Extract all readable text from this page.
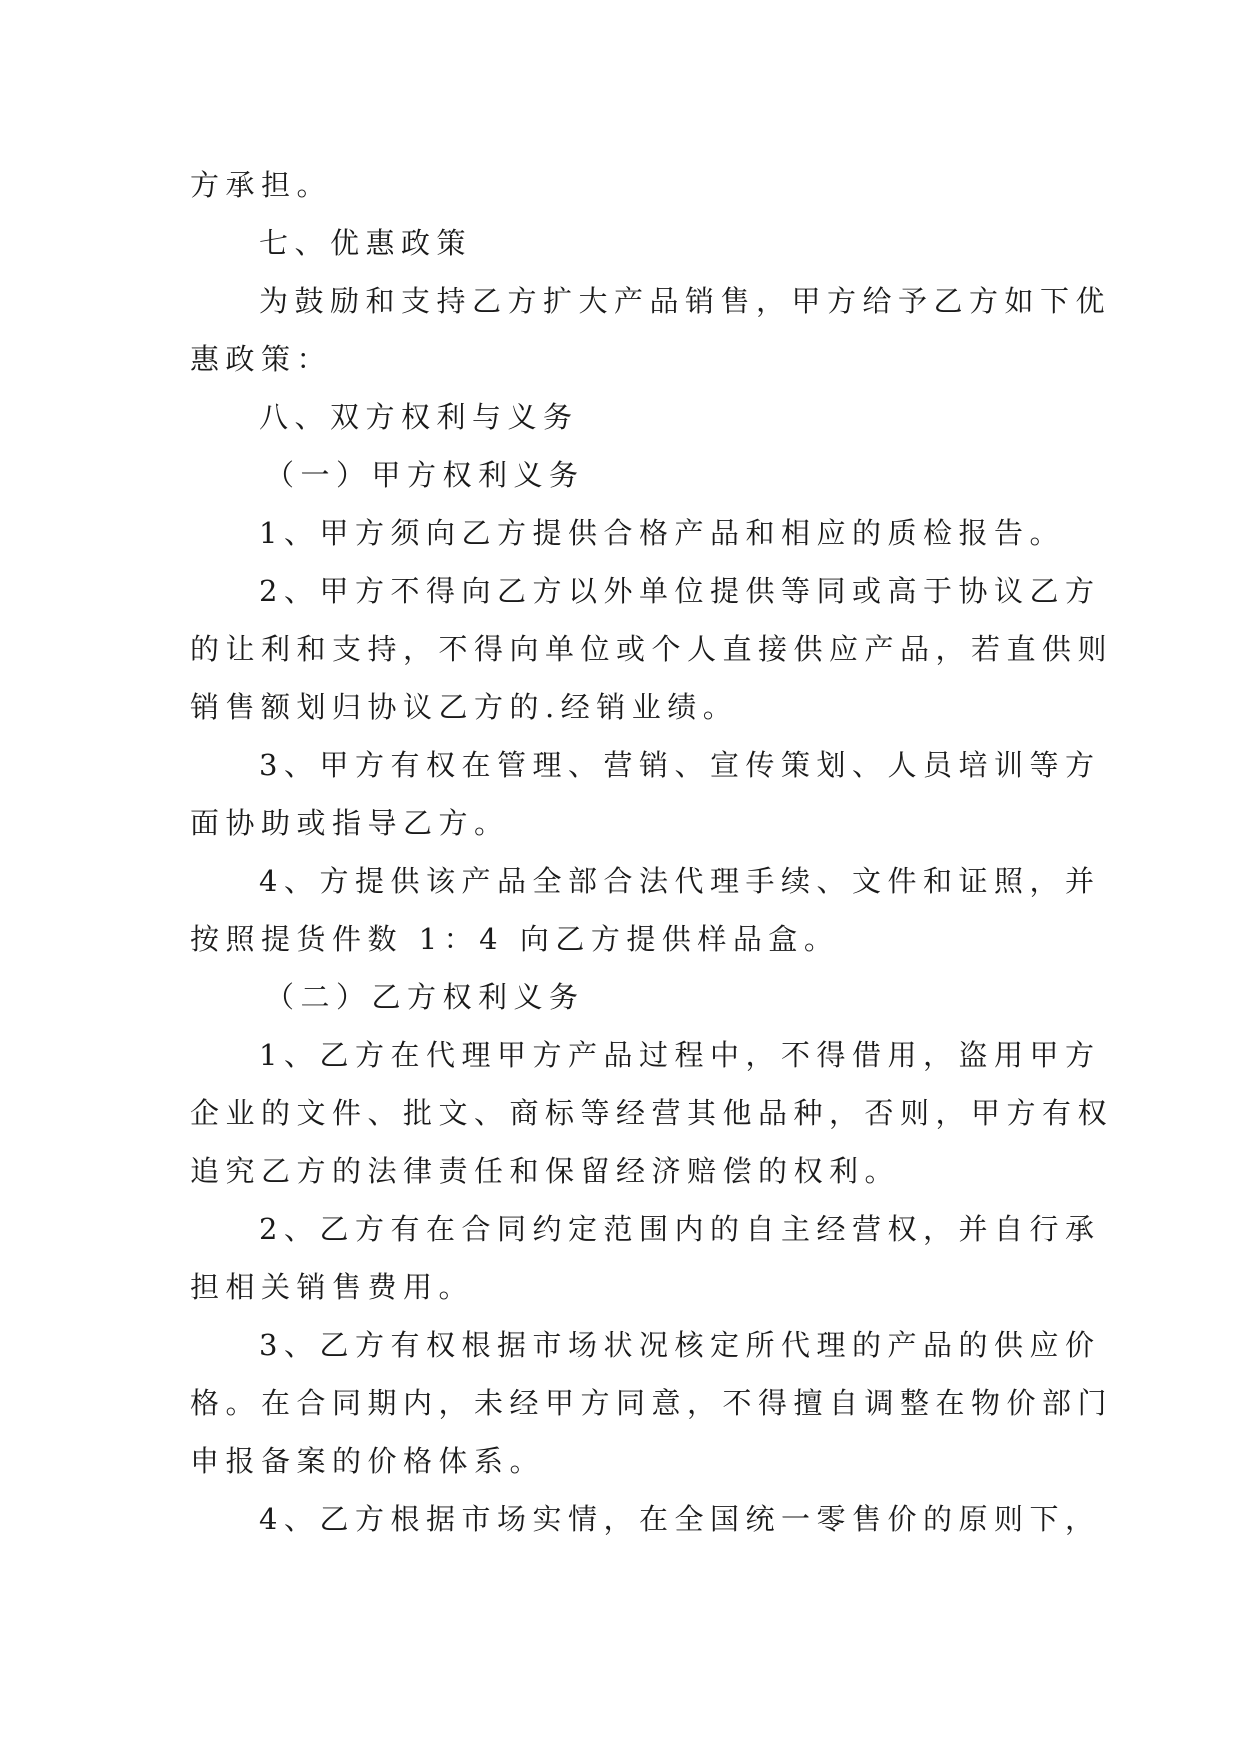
方承担。
七、优惠政策
为鼓励和支持乙方扩大产品销售，甲方给予乙方如下优
惠政策：
八、双方权利与义务
（一）甲方权利义务
1、甲方须向乙方提供合格产品和相应的质检报告。
2、甲方不得向乙方以外单位提供等同或高于协议乙方
的让利和支持，不得向单位或个人直接供应产品，若直供则
销售额划归协议乙方的.经销业绩。
3、甲方有权在管理、营销、宣传策划、人员培训等方
面协助或指导乙方。
4、方提供该产品全部合法代理手续、文件和证照，并
按照提货件数 1：4 向乙方提供样品盒。
（二）乙方权利义务
1、乙方在代理甲方产品过程中，不得借用，盗用甲方
企业的文件、批文、商标等经营其他品种，否则，甲方有权
追究乙方的法律责任和保留经济赔偿的权利。
2、乙方有在合同约定范围内的自主经营权，并自行承
担相关销售费用。
3、乙方有权根据市场状况核定所代理的产品的供应价
格。在合同期内，未经甲方同意，不得擅自调整在物价部门
申报备案的价格体系。
4、乙方根据市场实情，在全国统一零售价的原则下，
